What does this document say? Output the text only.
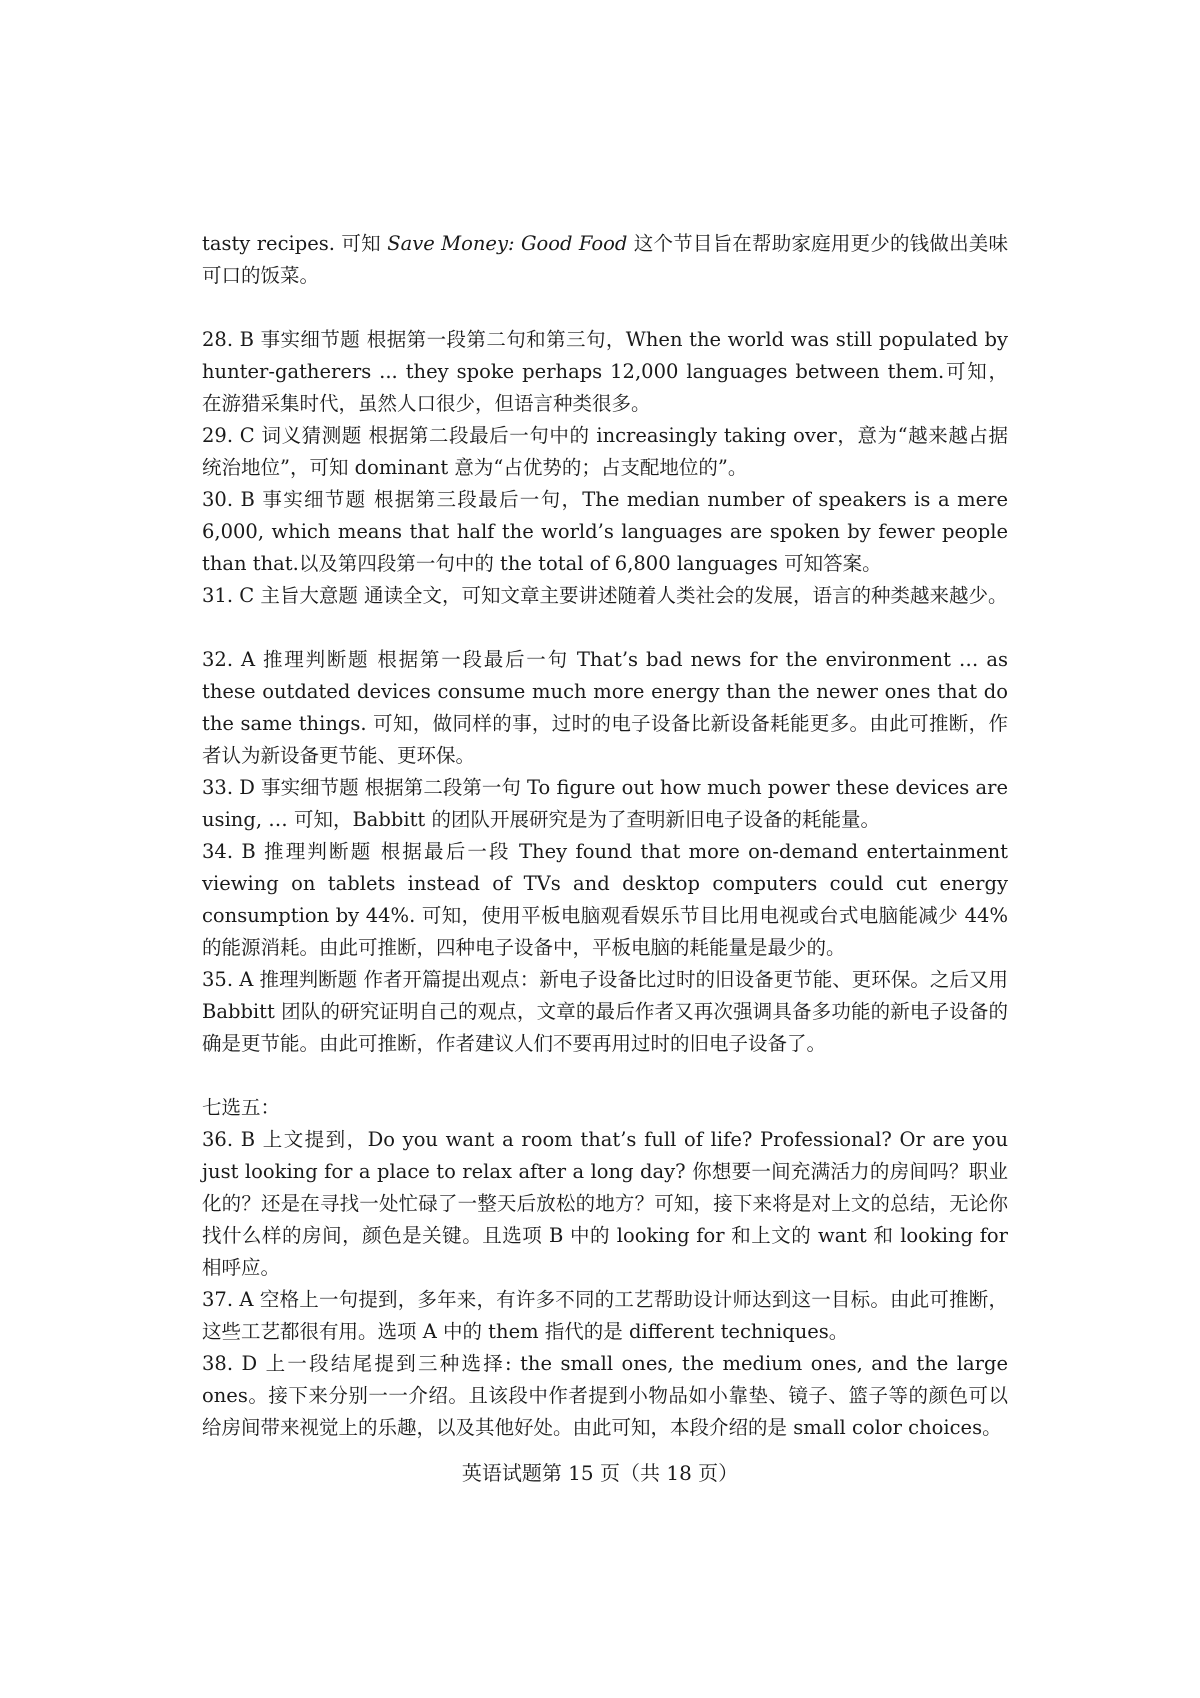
tasty recipes. 可知 Save Money: Good Food 这个节目旨在帮助家庭用更少的钱做出美味可口的饭菜。

28. B 事实细节题 根据第一段第二句和第三句，When the world was still populated by hunter-gatherers ... they spoke perhaps 12,000 languages between them.可知，在游猎采集时代，虽然人口很少，但语言种类很多。

29. C 词义猜测题 根据第二段最后一句中的 increasingly taking over，意为“越来越占据统治地位”，可知 dominant 意为“占优势的；占支配地位的”。

30. B 事实细节题 根据第三段最后一句，The median number of speakers is a mere 6,000, which means that half the world’s languages are spoken by fewer people than that.以及第四段第一句中的 the total of 6,800 languages 可知答案。

31. C 主旨大意题 通读全文，可知文章主要讲述随着人类社会的发展，语言的种类越来越少。

32. A 推理判断题 根据第一段最后一句 That’s bad news for the environment … as these outdated devices consume much more energy than the newer ones that do the same things. 可知，做同样的事，过时的电子设备比新设备耗能更多。由此可推断，作者认为新设备更节能、更环保。

33. D 事实细节题 根据第二段第一句 To figure out how much power these devices are using, … 可知，Babbitt 的团队开展研究是为了查明新旧电子设备的耗能量。

34. B 推理判断题 根据最后一段 They found that more on-demand entertainment viewing on tablets instead of TVs and desktop computers could cut energy consumption by 44%. 可知，使用平板电脑观看娱乐节目比用电视或台式电脑能减少 44%的能源消耗。由此可推断，四种电子设备中，平板电脑的耗能量是最少的。

35. A 推理判断题 作者开篇提出观点：新电子设备比过时的旧设备更节能、更环保。之后又用 Babbitt 团队的研究证明自己的观点，文章的最后作者又再次强调具备多功能的新电子设备的确是更节能。由此可推断，作者建议人们不要再用过时的旧电子设备了。

七选五：

36. B 上文提到，Do you want a room that’s full of life? Professional? Or are you just looking for a place to relax after a long day? 你想要一间充满活力的房间吗？职业化的？还是在寻找一处忙碌了一整天后放松的地方？可知，接下来将是对上文的总结，无论你找什么样的房间，颜色是关键。且选项 B 中的 looking for 和上文的 want 和 looking for 相呼应。

37. A 空格上一句提到，多年来，有许多不同的工艺帮助设计师达到这一目标。由此可推断，这些工艺都很有用。选项 A 中的 them 指代的是 different techniques。

38. D 上一段结尾提到三种选择: the small ones, the medium ones, and the large ones。接下来分别一一介绍。且该段中作者提到小物品如小靠垫、镜子、篮子等的颜色可以给房间带来视觉上的乐趣，以及其他好处。由此可知，本段介绍的是 small color choices。

英语试题第 15 页（共 18 页）
